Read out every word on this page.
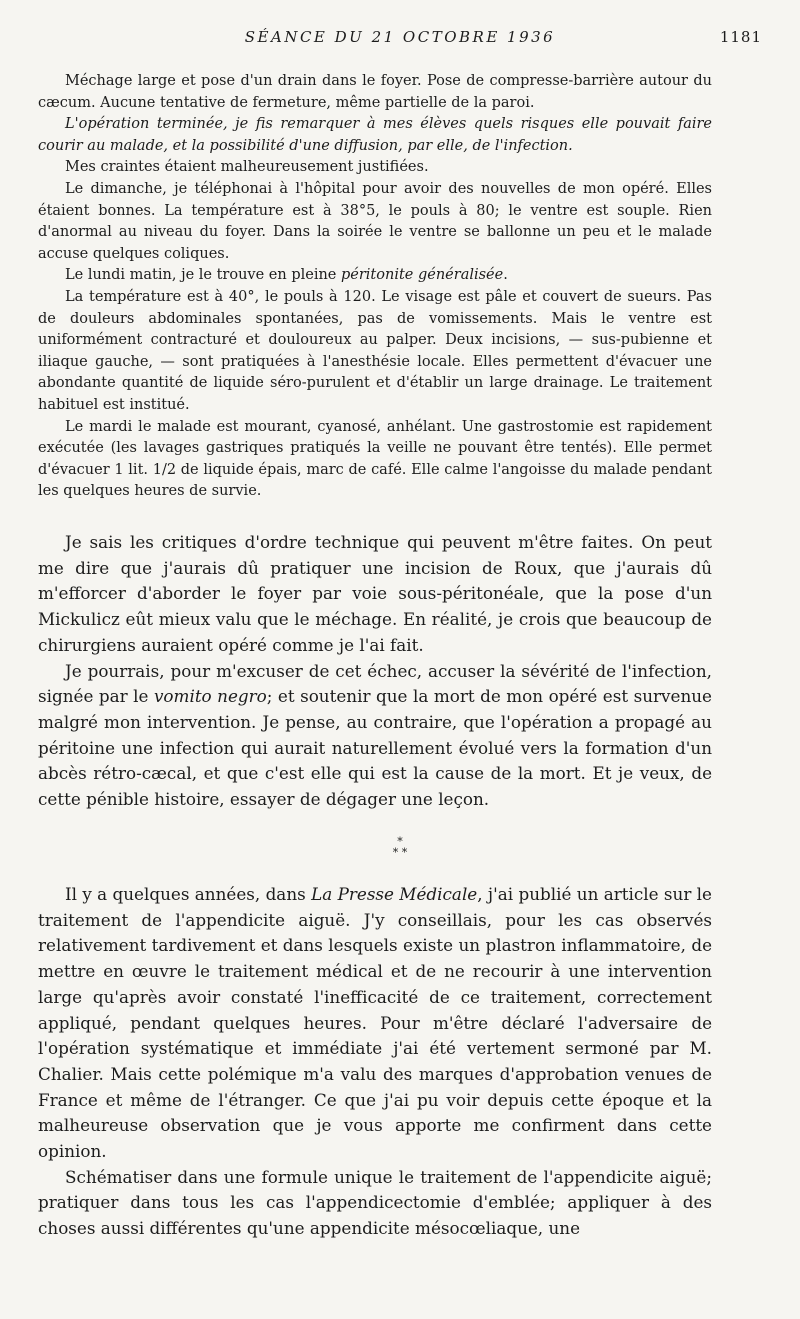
SÉANCE DU 21 OCTOBRE 1936	1181

Méchage large et pose d'un drain dans le foyer. Pose de compresse-barrière autour du cæcum. Aucune tentative de fermeture, même partielle de la paroi.

L'opération terminée, je fis remarquer à mes élèves quels risques elle pouvait faire courir au malade, et la possibilité d'une diffusion, par elle, de l'infection.

Mes craintes étaient malheureusement justifiées.

Le dimanche, je téléphonai à l'hôpital pour avoir des nouvelles de mon opéré. Elles étaient bonnes. La température est à 38°5, le pouls à 80; le ventre est souple. Rien d'anormal au niveau du foyer. Dans la soirée le ventre se ballonne un peu et le malade accuse quelques coliques.

Le lundi matin, je le trouve en pleine péritonite généralisée.

La température est à 40°, le pouls à 120. Le visage est pâle et couvert de sueurs. Pas de douleurs abdominales spontanées, pas de vomissements. Mais le ventre est uniformément contracturé et douloureux au palper. Deux incisions, — sus-pubienne et iliaque gauche, — sont pratiquées à l'anesthésie locale. Elles permettent d'évacuer une abondante quantité de liquide séro-purulent et d'établir un large drainage. Le traitement habituel est institué.

Le mardi le malade est mourant, cyanosé, anhélant. Une gastrostomie est rapidement exécutée (les lavages gastriques pratiqués la veille ne pouvant être tentés). Elle permet d'évacuer 1 lit. 1/2 de liquide épais, marc de café. Elle calme l'angoisse du malade pendant les quelques heures de survie.

Je sais les critiques d'ordre technique qui peuvent m'être faites. On peut me dire que j'aurais dû pratiquer une incision de Roux, que j'aurais dû m'efforcer d'aborder le foyer par voie sous-péritonéale, que la pose d'un Mickulicz eût mieux valu que le méchage. En réalité, je crois que beaucoup de chirurgiens auraient opéré comme je l'ai fait.

Je pourrais, pour m'excuser de cet échec, accuser la sévérité de l'infection, signée par le vomito negro; et soutenir que la mort de mon opéré est survenue malgré mon intervention. Je pense, au contraire, que l'opération a propagé au péritoine une infection qui aurait naturellement évolué vers la formation d'un abcès rétro-cæcal, et que c'est elle qui est la cause de la mort. Et je veux, de cette pénible histoire, essayer de dégager une leçon.

*
* *

Il y a quelques années, dans La Presse Médicale, j'ai publié un article sur le traitement de l'appendicite aiguë. J'y conseillais, pour les cas observés relativement tardivement et dans lesquels existe un plastron inflammatoire, de mettre en œuvre le traitement médical et de ne recourir à une intervention large qu'après avoir constaté l'inefficacité de ce traitement, correctement appliqué, pendant quelques heures. Pour m'être déclaré l'adversaire de l'opération systématique et immédiate j'ai été vertement sermoné par M. Chalier. Mais cette polémique m'a valu des marques d'approbation venues de France et même de l'étranger. Ce que j'ai pu voir depuis cette époque et la malheureuse observation que je vous apporte me confirment dans cette opinion.

Schématiser dans une formule unique le traitement de l'appendicite aiguë; pratiquer dans tous les cas l'appendicectomie d'emblée; appliquer à des choses aussi différentes qu'une appendicite mésocœliaque, une
